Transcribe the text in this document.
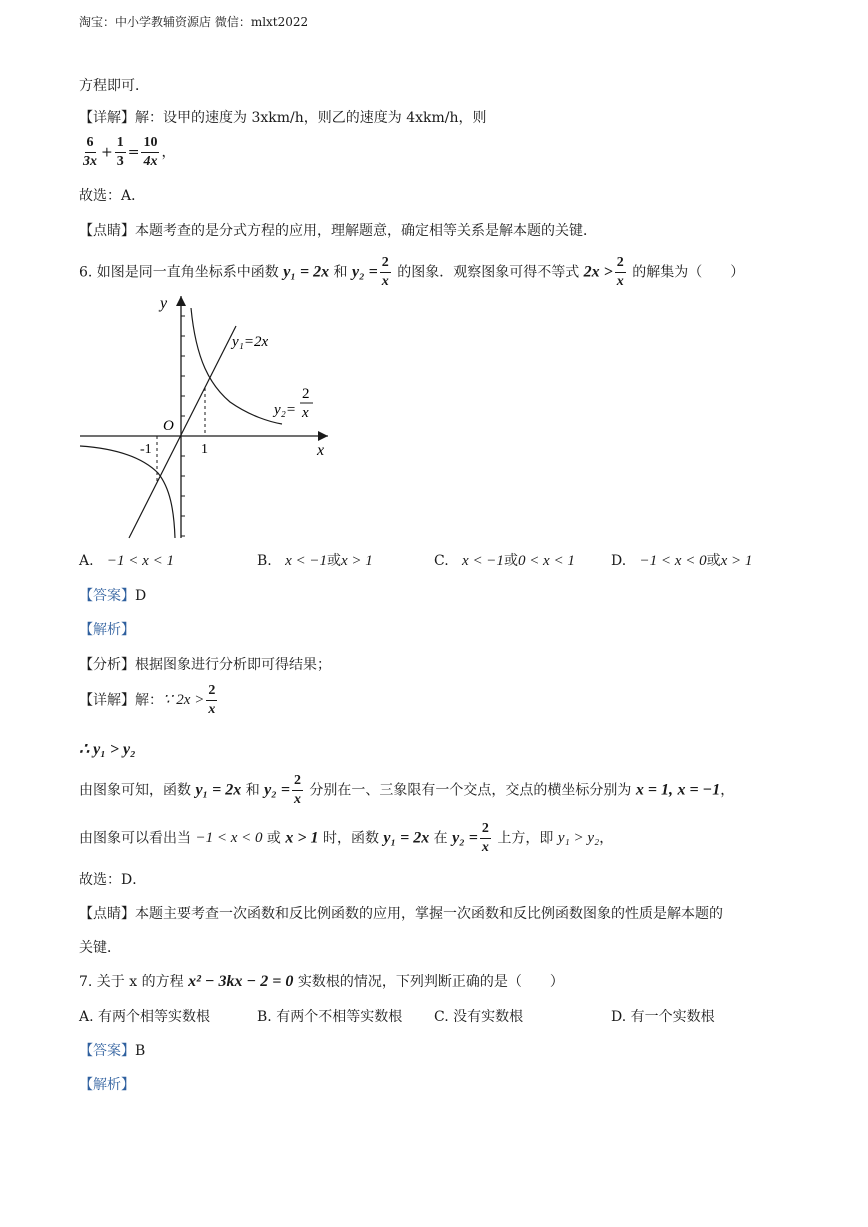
淘宝：中小学教辅资源店 微信：mlxt2022
方程即可．
【详解】解：设甲的速度为 3xkm/h，则乙的速度为 4xkm/h，则
$\frac{6}{3x} + \frac{1}{3} = \frac{10}{4x}$ ，
故选：A．
【点睛】本题考查的是分式方程的应用，理解题意，确定相等关系是解本题的关键．
6. 如图是同一直角坐标系中函数 y₁ = 2x 和 $y_2 = \frac{2}{x}$ 的图象．观察图象可得不等式 $2x > \frac{2}{x}$ 的解集为（　　）
y
x
O
-1	1
y₁=2x
y₂=
2
x
A. −1 < x < 1	B. x < −1或x > 1	C. x < −1或0 < x < 1	D. −1 < x < 0或x > 1
【答案】D
【解析】
【分析】根据图象进行分析即可得结果；
【详解】解：∵ $2x > \frac{2}{x}$
∴ y₁ > y₂
由图象可知，函数 y₁ = 2x 和 $y_2 = \frac{2}{x}$ 分别在一、三象限有一个交点，交点的横坐标分别为 x = 1, x = −1，
由图象可以看出当 −1 < x < 0 或 x > 1 时，函数 y₁ = 2x 在 $y_2 = \frac{2}{x}$ 上方，即 y₁ > y₂，
故选：D．
【点睛】本题主要考查一次函数和反比例函数的应用，掌握一次函数和反比例函数图象的性质是解本题的
关键．
7. 关于 x 的方程 x² − 3kx − 2 = 0 实数根的情况，下列判断正确的是（　　）
A. 有两个相等实数根	B. 有两个不相等实数根 C. 没有实数根	D. 有一个实数根
【答案】B
【解析】
